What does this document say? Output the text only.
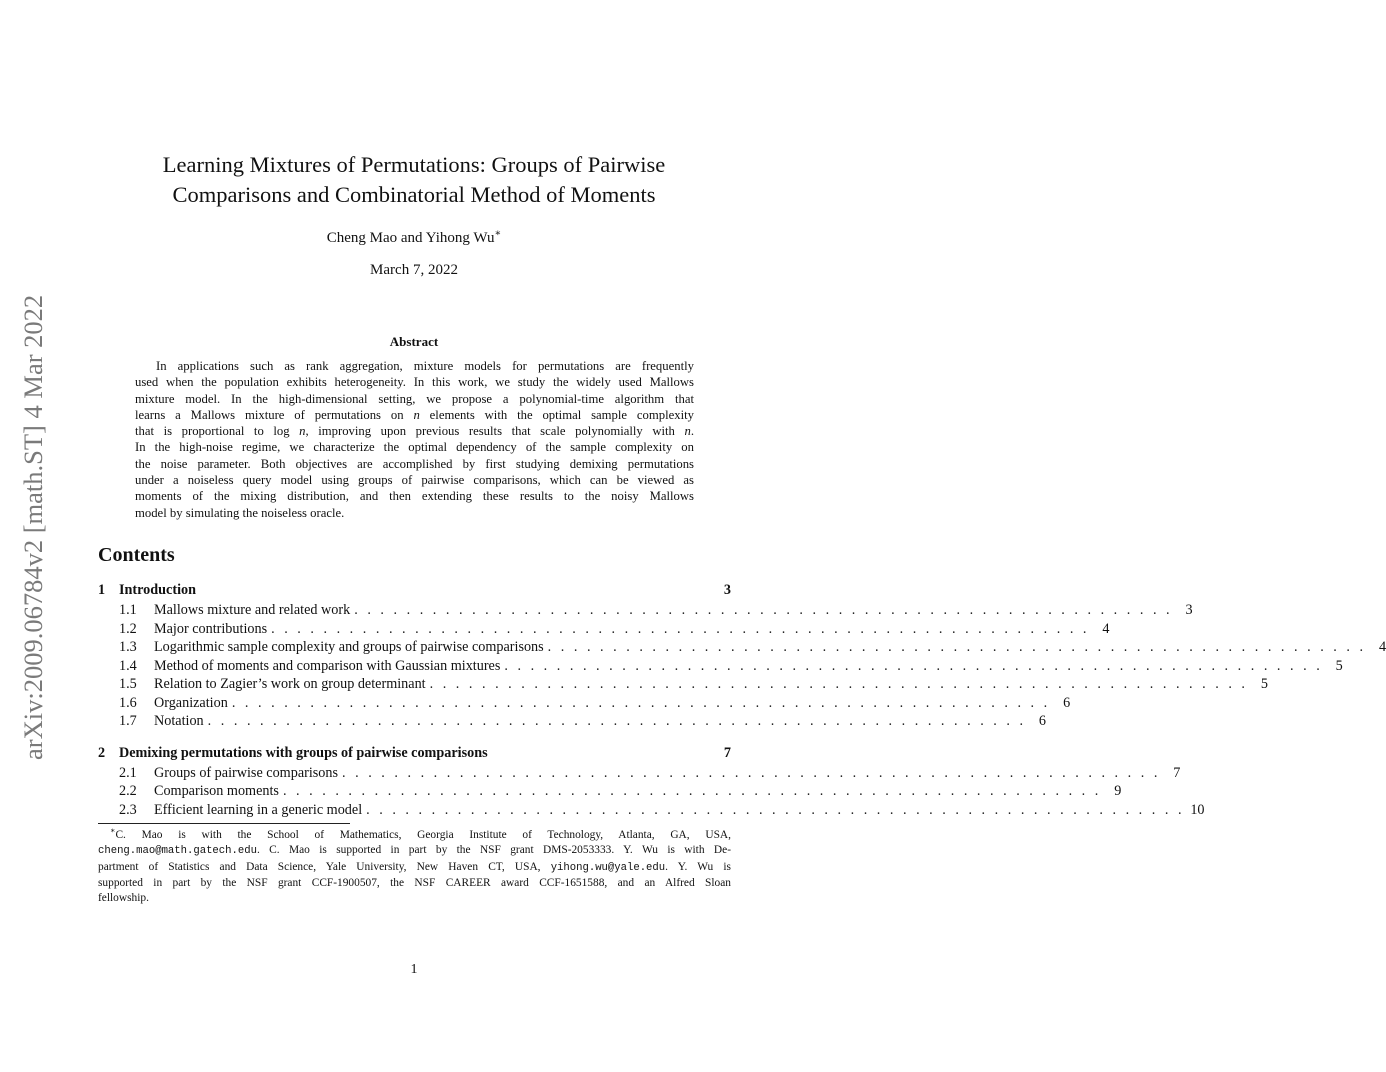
arXiv:2009.06784v2 [math.ST] 4 Mar 2022
Learning Mixtures of Permutations: Groups of Pairwise
Comparisons and Combinatorial Method of Moments
Cheng Mao and Yihong Wu∗
March 7, 2022
Abstract
In applications such as rank aggregation, mixture models for permutations are frequently
used when the population exhibits heterogeneity. In this work, we study the widely used Mallows
mixture model. In the high-dimensional setting, we propose a polynomial-time algorithm that
learns a Mallows mixture of permutations on n elements with the optimal sample complexity
that is proportional to log n, improving upon previous results that scale polynomially with n.
In the high-noise regime, we characterize the optimal dependency of the sample complexity on
the noise parameter. Both objectives are accomplished by first studying demixing permutations
under a noiseless query model using groups of pairwise comparisons, which can be viewed as
moments of the mixing distribution, and then extending these results to the noisy Mallows
model by simulating the noiseless oracle.
Contents
1 Introduction	3
1.1	Mallows mixture and related work . . . . . . . . . . . . . . . . . . . . . . . . . . . . . . . . . . . . . . . . . . . . . . . . . . . . . . . . . . . . . . . 3
1.2	Major contributions . . . . . . . . . . . . . . . . . . . . . . . . . . . . . . . . . . . . . . . . . . . . . . . . . . . . . . . . . . . . . . . 4
1.3	Logarithmic sample complexity and groups of pairwise comparisons . . . . . . . . . . . . . . . . . . . . . . . . . . . . . . . . . . . . . . . . . . . . . . . . . . . . . . . . . . . . . . . 4
1.4	Method of moments and comparison with Gaussian mixtures . . . . . . . . . . . . . . . . . . . . . . . . . . . . . . . . . . . . . . . . . . . . . . . . . . . . . . . . . . . . . . . 5
1.5	Relation to Zagier’s work on group determinant . . . . . . . . . . . . . . . . . . . . . . . . . . . . . . . . . . . . . . . . . . . . . . . . . . . . . . . . . . . . . . . 5
1.6	Organization . . . . . . . . . . . . . . . . . . . . . . . . . . . . . . . . . . . . . . . . . . . . . . . . . . . . . . . . . . . . . . . 6
1.7	Notation . . . . . . . . . . . . . . . . . . . . . . . . . . . . . . . . . . . . . . . . . . . . . . . . . . . . . . . . . . . . . . . 6
2 Demixing permutations with groups of pairwise comparisons	7
2.1	Groups of pairwise comparisons . . . . . . . . . . . . . . . . . . . . . . . . . . . . . . . . . . . . . . . . . . . . . . . . . . . . . . . . . . . . . . . 7
2.2	Comparison moments . . . . . . . . . . . . . . . . . . . . . . . . . . . . . . . . . . . . . . . . . . . . . . . . . . . . . . . . . . . . . . . 9
2.3	Efficient learning in a generic model . . . . . . . . . . . . . . . . . . . . . . . . . . . . . . . . . . . . . . . . . . . . . . . . . . . . . . . . . . . . . . . 10
∗C. Mao is with the School of Mathematics, Georgia Institute of Technology, Atlanta, GA, USA,
cheng.mao@math.gatech.edu. C. Mao is supported in part by the NSF grant DMS-2053333. Y. Wu is with De-
partment of Statistics and Data Science, Yale University, New Haven CT, USA, yihong.wu@yale.edu. Y. Wu is
supported in part by the NSF grant CCF-1900507, the NSF CAREER award CCF-1651588, and an Alfred Sloan
fellowship.
1
